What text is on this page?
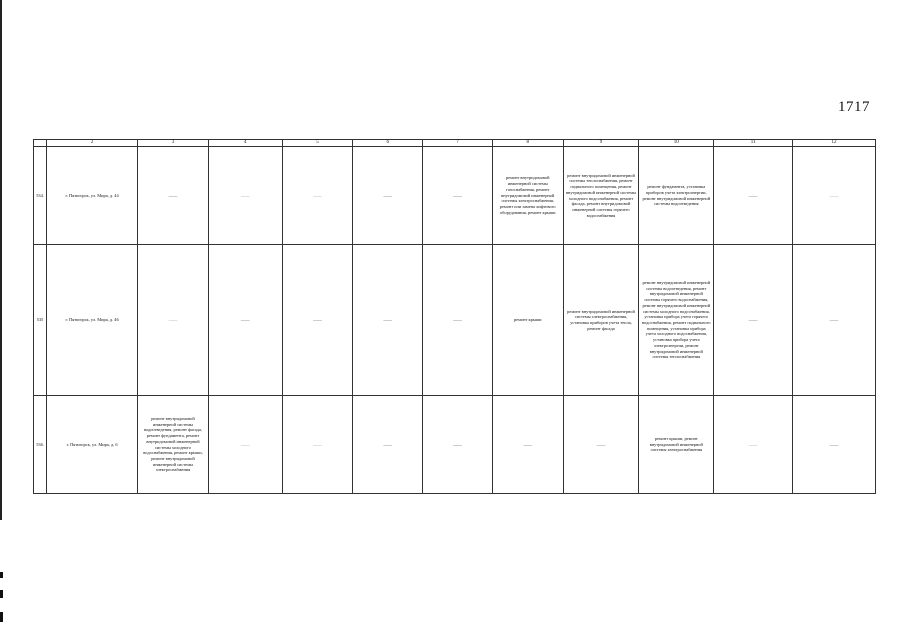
1717
	2	3	4	5	6	7	8	9	10	11	12
534.	г. Пятигорск, ул. Мира, д. 44	——	——	——	——	——	ремонт внутридомовой инженерной системы газоснабжения, ремонт внутридомовой инженерной системы электроснабжения, ремонт или замена лифтового оборудования, ремонт крыши	ремонт внутридомовой инженерной системы теплоснабжения, ремонт подвального помещения, ремонт внутридомовой инженерной системы холодного водоснабжения, ремонт фасада, ремонт внутридомовой инженерной системы горячего водоснабжения	ремонт фундамента, установка приборов учета электроэнергии, ремонт внутридомовой инженерной системы водоотведения	——	——
535	г. Пятигорск, ул. Мира, д. 46	——	——	——	——	——	ремонт крыши	ремонт внутридомовой инженерной системы электроснабжения, установка приборов учета тепла, ремонт фасада	ремонт внутридомовой инженерной системы водоотведения, ремонт внутридомовой инженерной системы горячего водоснабжения, ремонт внутридомовой инженерной системы холодного водоснабжения, установка прибора учета горячего водоснабжения, ремонт подвального помещения, установка прибора учета холодного водоснабжения, установка прибора учета электроэнергии, ремонт внутридомовой инженерной системы теплоснабжения	——	——
536.	г. Пятигорск, ул. Мира, д. 6	ремонт внутридомовой инженерной системы водоотведения, ремонт фасада, ремонт фундамента, ремонт внутридомовой инженерной системы холодного водоснабжения, ремонт крыши, ремонт внутридомовой инженерной системы электроснабжения	——	——	——	——	——	——	ремонт крыши, ремонт внутридомовой инженерной системы электроснабжения	——	——
